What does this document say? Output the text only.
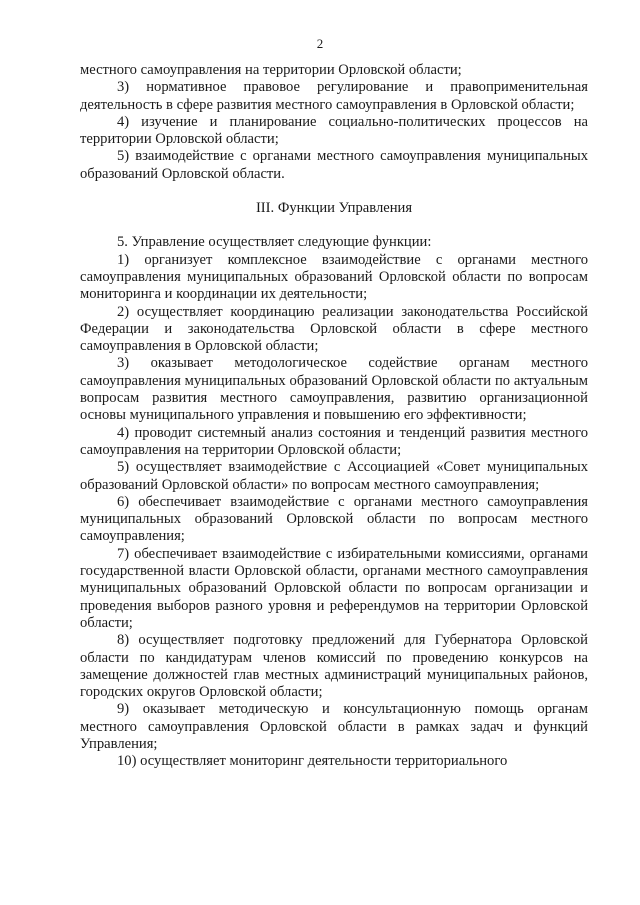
2

местного самоуправления на территории Орловской области;

3) нормативное правовое регулирование и правоприменительная деятельность в сфере развития местного самоуправления в Орловской области;

4) изучение и планирование социально-политических процессов на территории Орловской области;

5) взаимодействие с органами местного самоуправления муниципальных образований Орловской области.

III. Функции Управления

5. Управление осуществляет следующие функции:

1) организует комплексное взаимодействие с органами местного самоуправления муниципальных образований Орловской области по вопросам мониторинга и координации их деятельности;

2) осуществляет координацию реализации законодательства Российской Федерации и законодательства Орловской области в сфере местного самоуправления в Орловской области;

3) оказывает методологическое содействие органам местного самоуправления муниципальных образований Орловской области по актуальным вопросам развития местного самоуправления, развитию организационной основы муниципального управления и повышению его эффективности;

4) проводит системный анализ состояния и тенденций развития местного самоуправления на территории Орловской области;

5) осуществляет взаимодействие с Ассоциацией «Совет муниципальных образований Орловской области» по вопросам местного самоуправления;

6) обеспечивает взаимодействие с органами местного самоуправления муниципальных образований Орловской области по вопросам местного самоуправления;

7) обеспечивает взаимодействие с избирательными комиссиями, органами государственной власти Орловской области, органами местного самоуправления муниципальных образований Орловской области по вопросам организации и проведения выборов разного уровня и референдумов на территории Орловской области;

8) осуществляет подготовку предложений для Губернатора Орловской области по кандидатурам членов комиссий по проведению конкурсов на замещение должностей глав местных администраций муниципальных районов, городских округов Орловской области;

9) оказывает методическую и консультационную помощь органам местного самоуправления Орловской области в рамках задач и функций Управления;

10) осуществляет мониторинг деятельности территориального
